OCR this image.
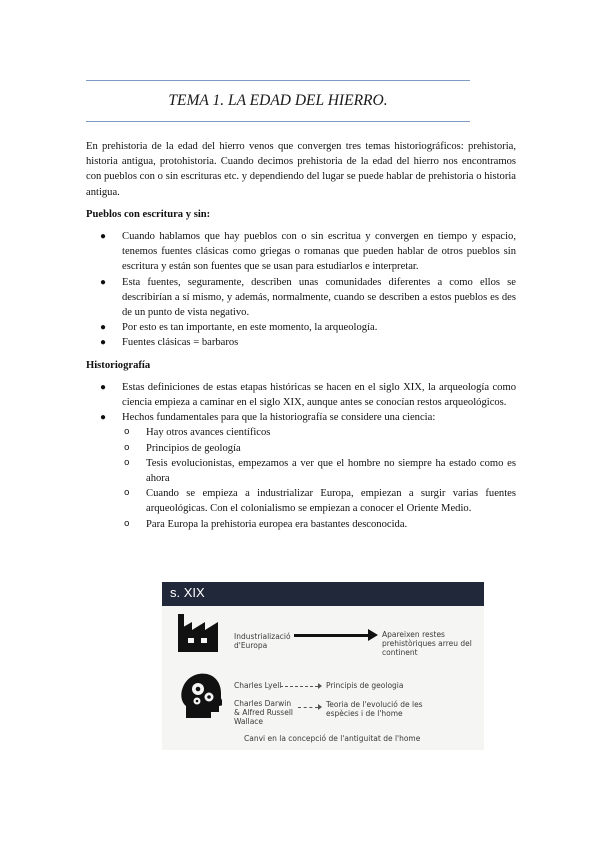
TEMA 1. LA EDAD DEL HIERRO.

En prehistoria de la edad del hierro venos que convergen tres temas historiográficos: prehistoria, historia antigua, protohistoria. Cuando decimos prehistoria de la edad del hierro nos encontramos con pueblos con o sin escrituras etc. y dependiendo del lugar se puede hablar de prehistoria o historia antigua.

Pueblos con escritura y sin:
● Cuando hablamos que hay pueblos con o sin escritua y convergen en tiempo y espacio, tenemos fuentes clásicas como griegas o romanas que pueden hablar de otros pueblos sin escritura y están son fuentes que se usan para estudiarlos e interpretar.
● Esta fuentes, seguramente, describen unas comunidades diferentes a como ellos se describirían a sí mismo, y además, normalmente, cuando se describen a estos pueblos es des de un punto de vista negativo.
● Por esto es tan importante, en este momento, la arqueología.
● Fuentes clásicas = barbaros
Historiografía
● Estas definiciones de estas etapas históricas se hacen en el siglo XIX, la arqueología como ciencia empieza a caminar en el siglo XIX, aunque antes se conocían restos arqueológicos.
● Hechos fundamentales para que la historiografía se considere una ciencia:
o Hay otros avances científicos
o Principios de geología
o Tesis evolucionistas, empezamos a ver que el hombre no siempre ha estado como es ahora
o Cuando se empieza a industrializar Europa, empiezan a surgir varias fuentes arqueológicas. Con el colonialismo se empiezan a conocer el Oriente Medio.
o Para Europa la prehistoria europea era bastantes desconocida.
s. XIX
Industrializació d'Europa
Apareixen restes prehistòriques arreu del continent
Charles Lyell	Principis de geologia
Charles Darwin & Alfred Russell Wallace
Teoria de l'evolució de les espècies i de l'home
Canvi en la concepció de l'antiguitat de l'home
